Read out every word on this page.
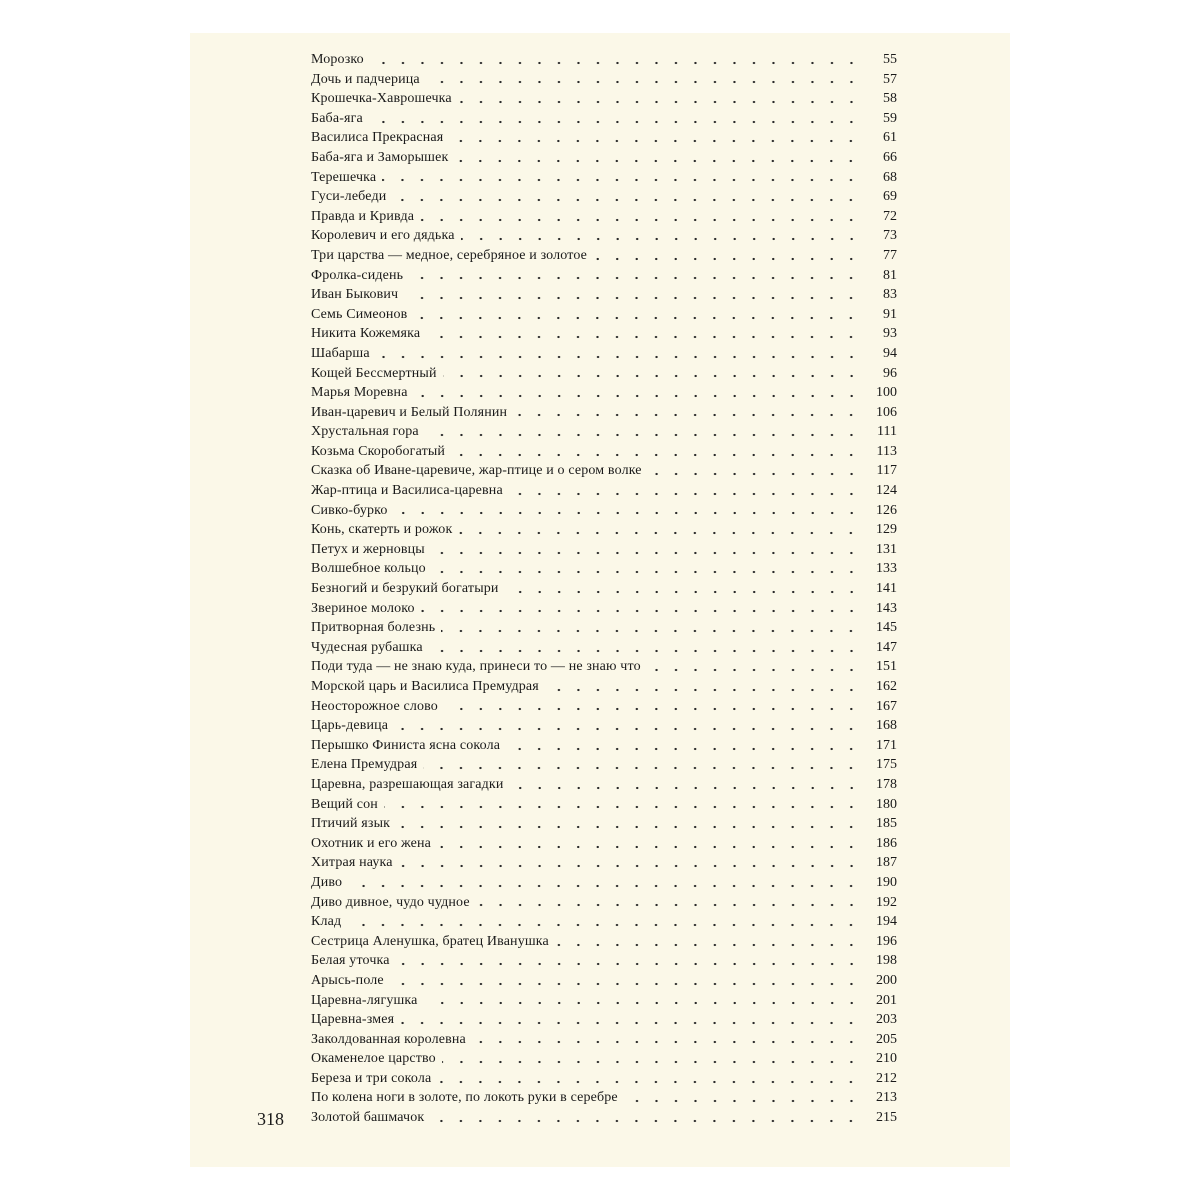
Морозко	55
Дочь и падчерица	57
Крошечка-Хаврошечка	58
Баба-яга	59
Василиса Прекрасная	61
Баба-яга и Заморышек	66
Терешечка	68
Гуси-лебеди	69
Правда и Кривда	72
Королевич и его дядька	73
Три царства — медное, серебряное и золотое	77
Фролка-сидень	81
Иван Быкович	83
Семь Симеонов	91
Никита Кожемяка	93
Шабарша	94
Кощей Бессмертный	96
Марья Моревна	100
Иван-царевич и Белый Полянин	106
Хрустальная гора	111
Козьма Скоробогатый	113
Сказка об Иване-царевиче, жар-птице и о сером волке	117
Жар-птица и Василиса-царевна	124
Сивко-бурко	126
Конь, скатерть и рожок	129
Петух и жерновцы	131
Волшебное кольцо	133
Безногий и безрукий богатыри	141
Звериное молоко	143
Притворная болезнь	145
Чудесная рубашка	147
Поди туда — не знаю куда, принеси то — не знаю что	151
Морской царь и Василиса Премудрая	162
Неосторожное слово	167
Царь-девица	168
Перышко Финиста ясна сокола	171
Елена Премудрая	175
Царевна, разрешающая загадки	178
Вещий сон	180
Птичий язык	185
Охотник и его жена	186
Хитрая наука	187
Диво	190
Диво дивное, чудо чудное	192
Клад	194
Сестрица Аленушка, братец Иванушка	196
Белая уточка	198
Арысь-поле	200
Царевна-лягушка	201
Царевна-змея	203
Заколдованная королевна	205
Окаменелое царство	210
Береза и три сокола	212
По колена ноги в золоте, по локоть руки в серебре	213
Золотой башмачок	215
318
